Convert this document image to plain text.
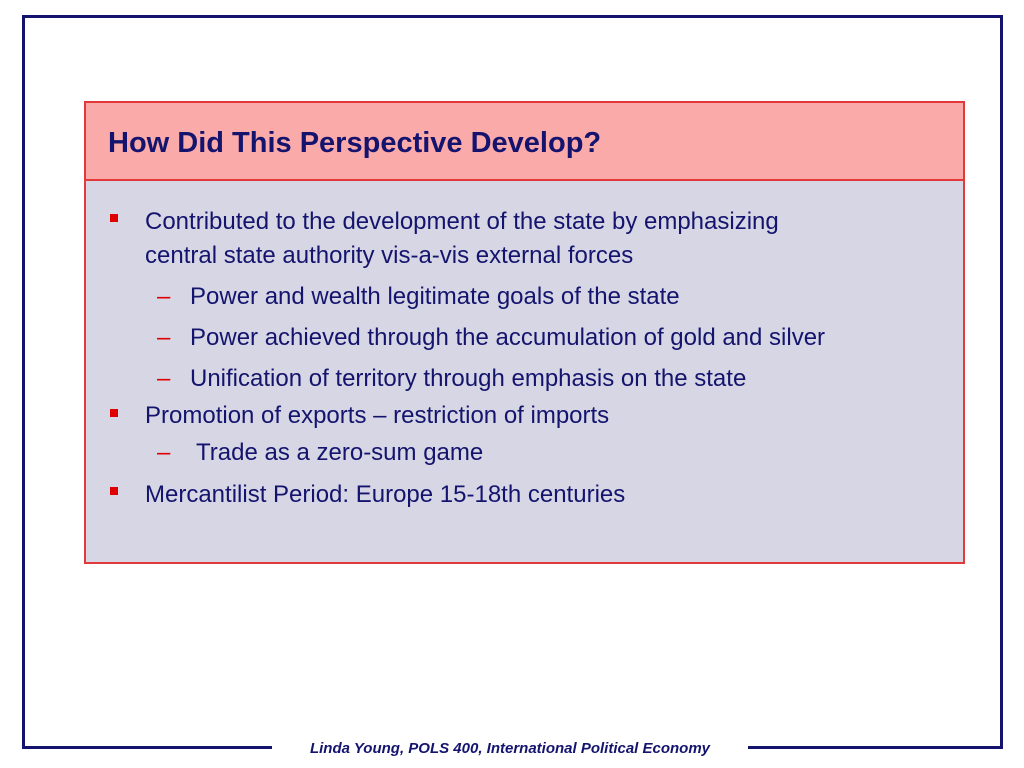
Linda Young, POLS 400, International Political Economy
How Did This Perspective Develop?
Contributed to the development of the state by emphasizing
central state authority vis-a-vis external forces
– Power and wealth legitimate goals of the state
– Power achieved through the accumulation of gold and silver
– Unification of territory through emphasis on the state
Promotion of exports – restriction of imports
– Trade as a zero-sum game
Mercantilist Period: Europe 15-18th centuries
